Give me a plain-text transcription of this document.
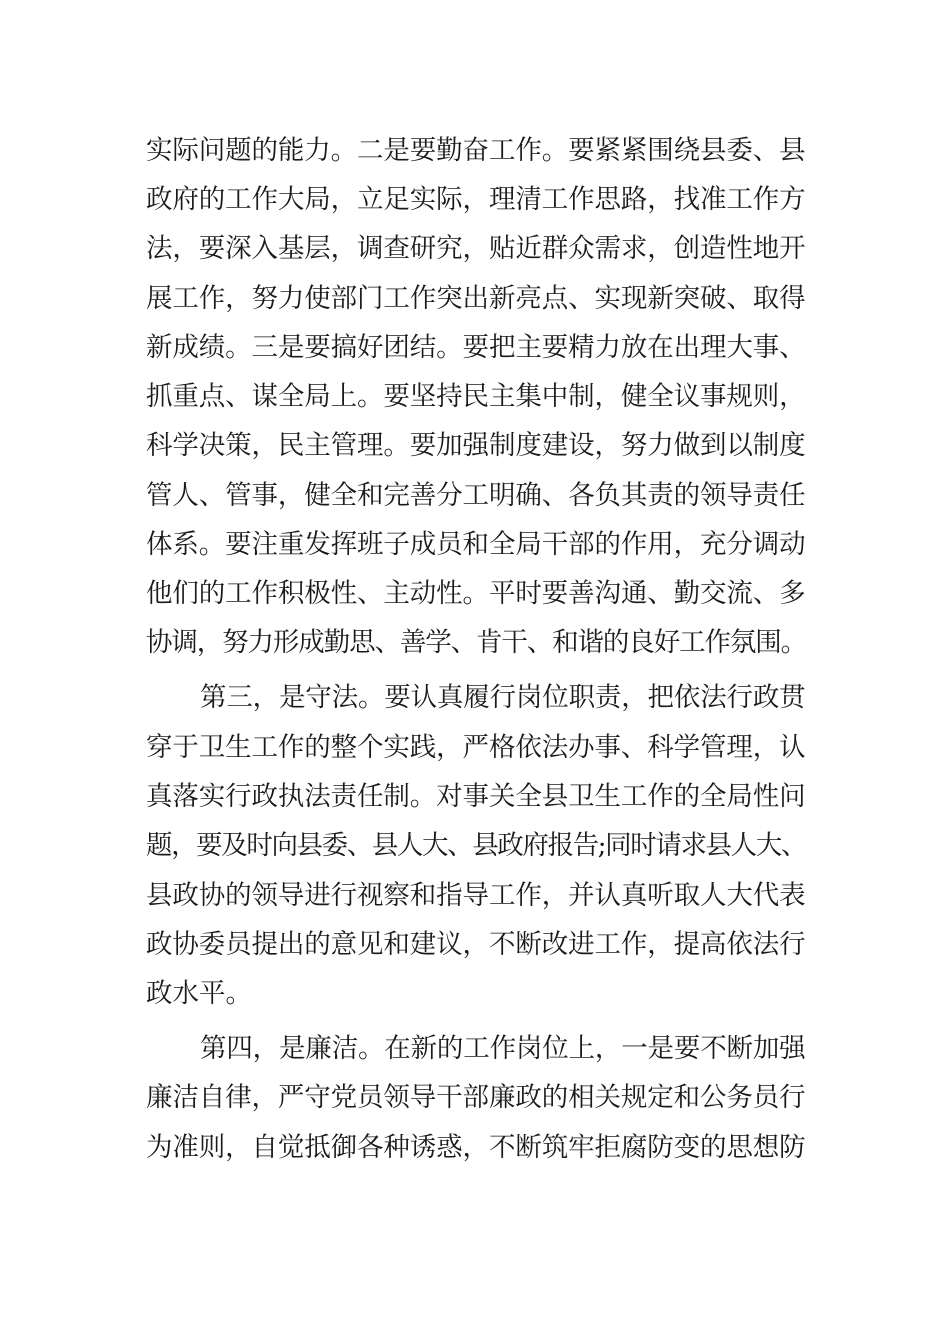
实际问题的能力。二是要勤奋工作。要紧紧围绕县委、县
政府的工作大局，立足实际，理清工作思路，找准工作方
法，要深入基层，调查研究，贴近群众需求，创造性地开
展工作，努力使部门工作突出新亮点、实现新突破、取得
新成绩。三是要搞好团结。要把主要精力放在出理大事、
抓重点、谋全局上。要坚持民主集中制，健全议事规则，
科学决策，民主管理。要加强制度建设，努力做到以制度
管人、管事，健全和完善分工明确、各负其责的领导责任
体系。要注重发挥班子成员和全局干部的作用，充分调动
他们的工作积极性、主动性。平时要善沟通、勤交流、多
协调，努力形成勤思、善学、肯干、和谐的良好工作氛围。
第三，是守法。要认真履行岗位职责，把依法行政贯
穿于卫生工作的整个实践，严格依法办事、科学管理，认
真落实行政执法责任制。对事关全县卫生工作的全局性问
题，要及时向县委、县人大、县政府报告;同时请求县人大、
县政协的领导进行视察和指导工作，并认真听取人大代表
政协委员提出的意见和建议，不断改进工作，提高依法行
政水平。
第四，是廉洁。在新的工作岗位上，一是要不断加强
廉洁自律，严守党员领导干部廉政的相关规定和公务员行
为准则，自觉抵御各种诱惑，不断筑牢拒腐防变的思想防
